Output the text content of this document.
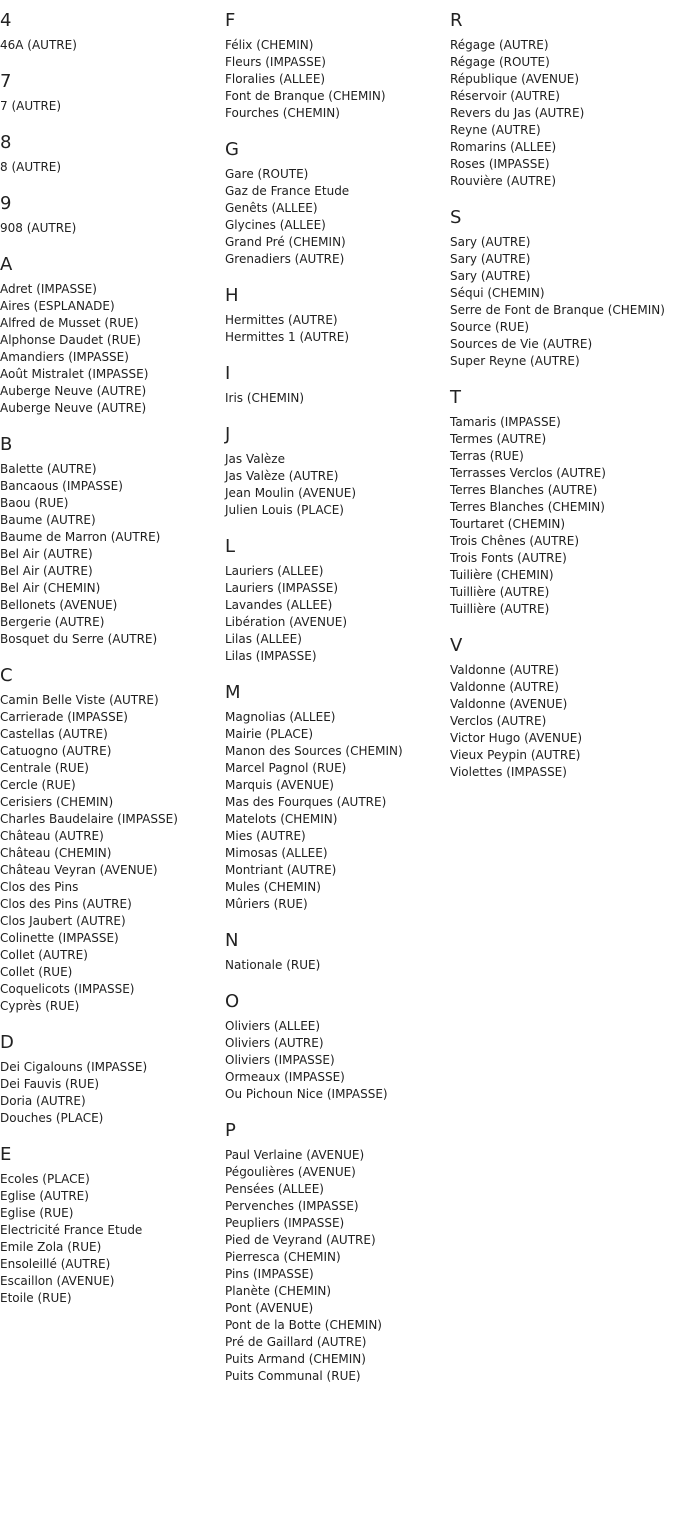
4
46A (AUTRE)
7
7 (AUTRE)
8
8 (AUTRE)
9
908 (AUTRE)
A
Adret (IMPASSE)
Aires (ESPLANADE)
Alfred de Musset (RUE)
Alphonse Daudet (RUE)
Amandiers (IMPASSE)
Août Mistralet (IMPASSE)
Auberge Neuve (AUTRE)
Auberge Neuve (AUTRE)
B
Balette (AUTRE)
Bancaous (IMPASSE)
Baou (RUE)
Baume (AUTRE)
Baume de Marron (AUTRE)
Bel Air (AUTRE)
Bel Air (AUTRE)
Bel Air (CHEMIN)
Bellonets (AVENUE)
Bergerie (AUTRE)
Bosquet du Serre (AUTRE)
C
Camin Belle Viste (AUTRE)
Carrierade (IMPASSE)
Castellas (AUTRE)
Catuogno (AUTRE)
Centrale (RUE)
Cercle (RUE)
Cerisiers (CHEMIN)
Charles Baudelaire (IMPASSE)
Château (AUTRE)
Château (CHEMIN)
Château Veyran (AVENUE)
Clos des Pins
Clos des Pins (AUTRE)
Clos Jaubert (AUTRE)
Colinette (IMPASSE)
Collet (AUTRE)
Collet (RUE)
Coquelicots (IMPASSE)
Cyprès (RUE)
D
Dei Cigalouns (IMPASSE)
Dei Fauvis (RUE)
Doria (AUTRE)
Douches (PLACE)
E
Ecoles (PLACE)
Eglise (AUTRE)
Eglise (RUE)
Electricité France Etude
Emile Zola (RUE)
Ensoleillé (AUTRE)
Escaillon (AVENUE)
Etoile (RUE)
F
Félix (CHEMIN)
Fleurs (IMPASSE)
Floralies (ALLEE)
Font de Branque (CHEMIN)
Fourches (CHEMIN)
G
Gare (ROUTE)
Gaz de France Etude
Genêts (ALLEE)
Glycines (ALLEE)
Grand Pré (CHEMIN)
Grenadiers (AUTRE)
H
Hermittes (AUTRE)
Hermittes 1 (AUTRE)
I
Iris (CHEMIN)
J
Jas Valèze
Jas Valèze (AUTRE)
Jean Moulin (AVENUE)
Julien Louis (PLACE)
L
Lauriers (ALLEE)
Lauriers (IMPASSE)
Lavandes (ALLEE)
Libération (AVENUE)
Lilas (ALLEE)
Lilas (IMPASSE)
M
Magnolias (ALLEE)
Mairie (PLACE)
Manon des Sources (CHEMIN)
Marcel Pagnol (RUE)
Marquis (AVENUE)
Mas des Fourques (AUTRE)
Matelots (CHEMIN)
Mies (AUTRE)
Mimosas (ALLEE)
Montriant (AUTRE)
Mules (CHEMIN)
Mûriers (RUE)
N
Nationale (RUE)
O
Oliviers (ALLEE)
Oliviers (AUTRE)
Oliviers (IMPASSE)
Ormeaux (IMPASSE)
Ou Pichoun Nice (IMPASSE)
P
Paul Verlaine (AVENUE)
Pégoulières (AVENUE)
Pensées (ALLEE)
Pervenches (IMPASSE)
Peupliers (IMPASSE)
Pied de Veyrand (AUTRE)
Pierresca (CHEMIN)
Pins (IMPASSE)
Planète (CHEMIN)
Pont (AVENUE)
Pont de la Botte (CHEMIN)
Pré de Gaillard (AUTRE)
Puits Armand (CHEMIN)
Puits Communal (RUE)
R
Régage (AUTRE)
Régage (ROUTE)
République (AVENUE)
Réservoir (AUTRE)
Revers du Jas (AUTRE)
Reyne (AUTRE)
Romarins (ALLEE)
Roses (IMPASSE)
Rouvière (AUTRE)
S
Sary (AUTRE)
Sary (AUTRE)
Sary (AUTRE)
Séqui (CHEMIN)
Serre de Font de Branque (CHEMIN)
Source (RUE)
Sources de Vie (AUTRE)
Super Reyne (AUTRE)
T
Tamaris (IMPASSE)
Termes (AUTRE)
Terras (RUE)
Terrasses Verclos (AUTRE)
Terres Blanches (AUTRE)
Terres Blanches (CHEMIN)
Tourtaret (CHEMIN)
Trois Chênes (AUTRE)
Trois Fonts (AUTRE)
Tuilière (CHEMIN)
Tuillière (AUTRE)
Tuillière (AUTRE)
V
Valdonne (AUTRE)
Valdonne (AUTRE)
Valdonne (AVENUE)
Verclos (AUTRE)
Victor Hugo (AVENUE)
Vieux Peypin (AUTRE)
Violettes (IMPASSE)
